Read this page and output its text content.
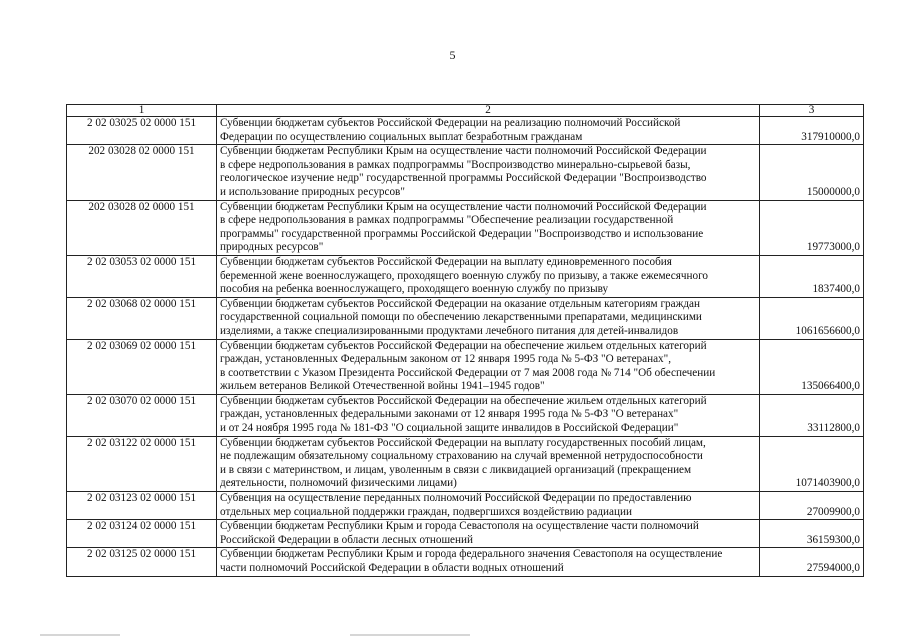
5
1	2	3
2 02 03025 02 0000 151	Субвенции бюджетам субъектов Российской Федерации на реализацию полномочий Российской
Федерации по осуществлению социальных выплат безработным гражданам	317910000,0
202 03028 02 0000 151	Субвенции бюджетам Республики Крым на осуществление части полномочий Российской Федерации
в сфере недропользования в рамках подпрограммы "Воспроизводство минерально-сырьевой базы,
геологическое изучение недр" государственной программы Российской Федерации "Воспроизводство
и использование природных ресурсов"	15000000,0
202 03028 02 0000 151	Субвенции бюджетам Республики Крым на осуществление части полномочий Российской Федерации
в сфере недропользования в рамках подпрограммы "Обеспечение реализации государственной
программы" государственной программы Российской Федерации "Воспроизводство и использование
природных ресурсов"	19773000,0
2 02 03053 02 0000 151	Субвенции бюджетам субъектов Российской Федерации на выплату единовременного пособия
беременной жене военнослужащего, проходящего военную службу по призыву, а также ежемесячного
пособия на ребенка военнослужащего, проходящего военную службу по призыву	1837400,0
2 02 03068 02 0000 151	Субвенции бюджетам субъектов Российской Федерации на оказание отдельным категориям граждан
государственной социальной помощи по обеспечению лекарственными препаратами, медицинскими
изделиями, а также специализированными продуктами лечебного питания для детей-инвалидов	1061656600,0
2 02 03069 02 0000 151	Субвенции бюджетам субъектов Российской Федерации на обеспечение жильем отдельных категорий
граждан, установленных Федеральным законом от 12 января 1995 года № 5-ФЗ "О ветеранах",
в соответствии с Указом Президента Российской Федерации от 7 мая 2008 года № 714 "Об обеспечении
жильем ветеранов Великой Отечественной войны 1941–1945 годов"	135066400,0
2 02 03070 02 0000 151	Субвенции бюджетам субъектов Российской Федерации на обеспечение жильем отдельных категорий
граждан, установленных федеральными законами от 12 января 1995 года № 5-ФЗ "О ветеранах"
и от 24 ноября 1995 года № 181-ФЗ "О социальной защите инвалидов в Российской Федерации"	33112800,0
2 02 03122 02 0000 151	Субвенции бюджетам субъектов Российской Федерации на выплату государственных пособий лицам,
не подлежащим обязательному социальному страхованию на случай временной нетрудоспособности
и в связи с материнством, и лицам, уволенным в связи с ликвидацией организаций (прекращением
деятельности, полномочий физическими лицами)	1071403900,0
2 02 03123 02 0000 151	Субвенция на осуществление переданных полномочий Российской Федерации по предоставлению
отдельных мер социальной поддержки граждан, подвергшихся воздействию радиации	27009900,0
2 02 03124 02 0000 151	Субвенции бюджетам Республики Крым и города Севастополя на осуществление части полномочий
Российской Федерации в области лесных отношений	36159300,0
2 02 03125 02 0000 151	Субвенции бюджетам Республики Крым и города федерального значения Севастополя на осуществление
части полномочий Российской Федерации в области водных отношений	27594000,0
